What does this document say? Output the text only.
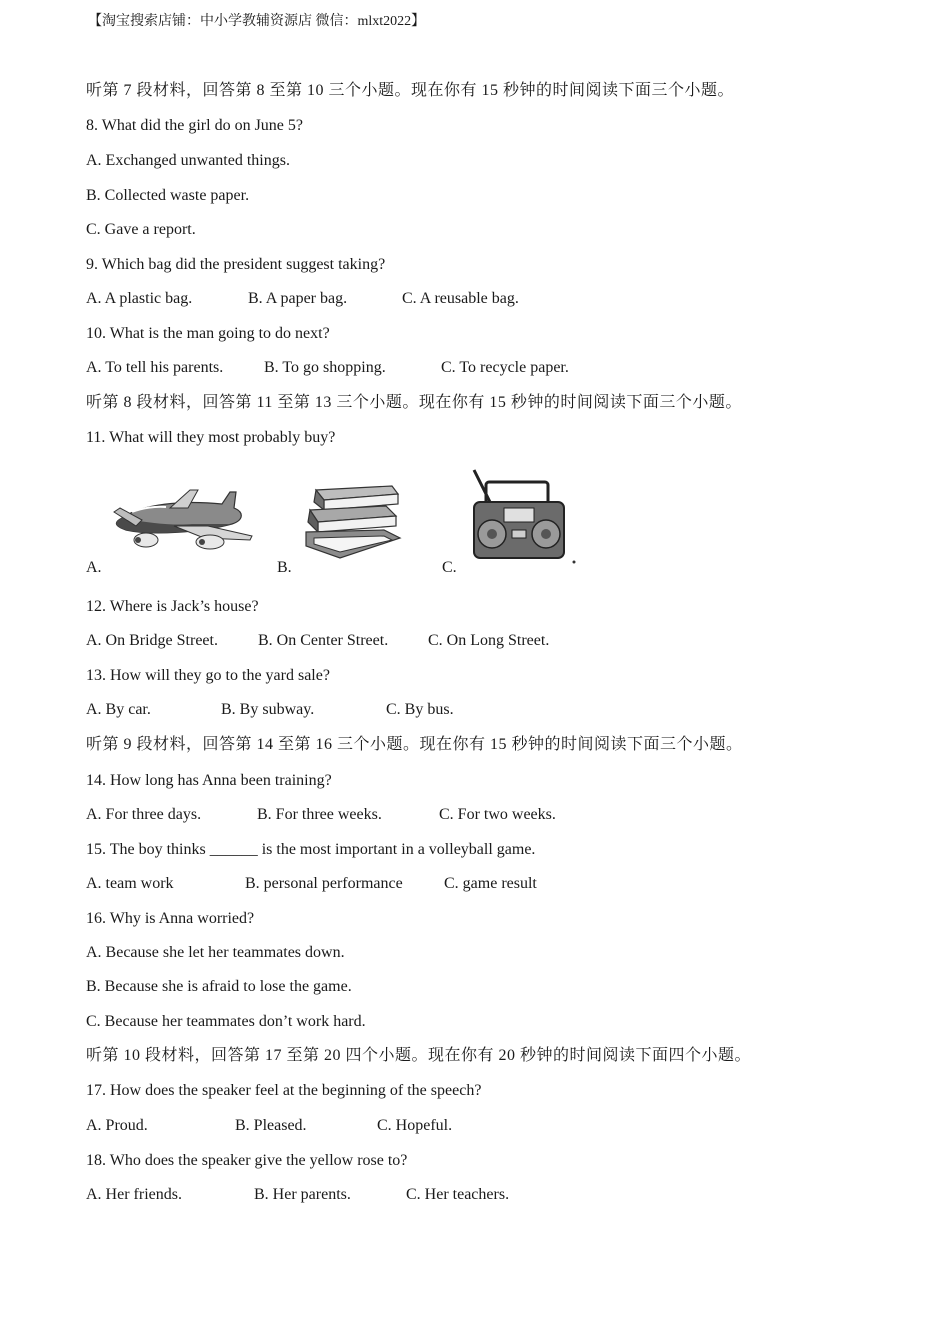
【淘宝搜索店铺：中小学教辅资源店 微信：mlxt2022】
听第 7 段材料，回答第 8 至第 10 三个小题。现在你有 15 秒钟的时间阅读下面三个小题。
8. What did the girl do on June 5?
A. Exchanged unwanted things.
B. Collected waste paper.
C. Gave a report.
9. Which bag did the president suggest taking?
A. A plastic bag.	B. A paper bag.	C. A reusable bag.
10. What is the man going to do next?
A. To tell his parents.	B. To go shopping.	C. To recycle paper.
听第 8 段材料，回答第 11 至第 13 三个小题。现在你有 15 秒钟的时间阅读下面三个小题。
11. What will they most probably buy?
A.	B.	C.
12. Where is Jack’s house?
A. On Bridge Street.	B. On Center Street. C. On Long Street.
13. How will they go to the yard sale?
A. By car.	B. By subway.	C. By bus.
听第 9 段材料，回答第 14 至第 16 三个小题。现在你有 15 秒钟的时间阅读下面三个小题。
14. How long has Anna been training?
A. For three days.	B. For three weeks.	C. For two weeks.
15. The boy thinks ______ is the most important in a volleyball game.
A. team work	B. personal performance	C. game result
16. Why is Anna worried?
A. Because she let her teammates down.
B. Because she is afraid to lose the game.
C. Because her teammates don’t work hard.
听第 10 段材料，回答第 17 至第 20 四个小题。现在你有 20 秒钟的时间阅读下面四个小题。
17. How does the speaker feel at the beginning of the speech?
A. Proud.	B. Pleased.	C. Hopeful.
18. Who does the speaker give the yellow rose to?
A. Her friends.	B. Her parents.	C. Her teachers.
